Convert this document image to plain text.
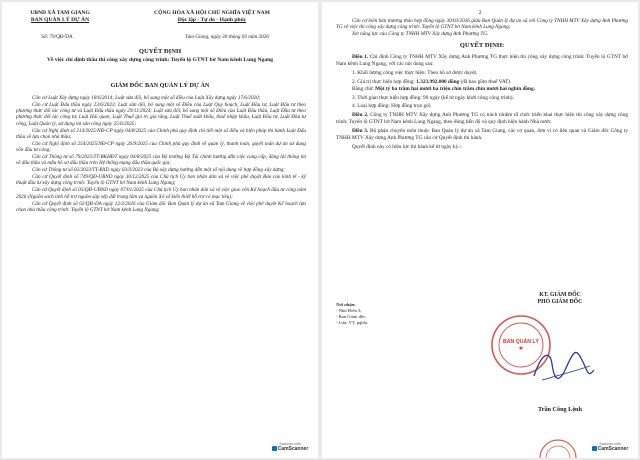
UBND XÃ TAM GIANG
BAN QUẢN LÝ DỰ ÁN
CỘNG HÒA XÃ HỘI CHỦ NGHĨA VIỆT NAM
Độc lập - Tự do - Hạnh phúc
Số: 79/QĐ-DA	Tam Giang, ngày 30 tháng 03 năm 2026
QUYẾT ĐỊNH
Về việc chỉ định thầu thi công xây dựng công trình: Tuyến lộ GTNT bờ Nam kênh Lung Ngang
GIÁM ĐỐC BAN QUẢN LÝ DỰ ÁN

Căn cứ Luật Xây dựng ngày 18/6/2014; Luật sửa đổi, bổ sung một số điều của Luật Xây dựng ngày 17/6/2020;

Căn cứ Luật Đấu thầu ngày 23/6/2023; Luật sửa đổi, bổ sung một số Điều của Luật Quy hoạch, Luật Đầu tư, Luật Đầu tư theo phương thức đối tác công tư và Luật Đấu thầu ngày 29/11/2024; Luật sửa đổi, bổ sung một số Điều của Luật Đầu thầu, Luật Đầu tư theo phương thức đối tác công tư, Luật Hải quan, Luật Thuế giá trị gia tăng, Luật Thuế xuất khẩu, thuế nhập khẩu, Luật Đầu tư, Luật Đầu tư công, Luật Quản lý, sử dụng tài sản công ngày 25/6/2025;

Căn cứ Nghị định số 214/2025/NĐ-CP ngày 04/8/2025 của Chính phủ quy định chi tiết một số điều và biện pháp thi hành Luật Đấu thầu về lựa chọn nhà thầu;

Căn cứ Nghị định số 254/2025/NĐ-CP ngày 26/9/2025 của Chính phủ quy định về quản lý, thanh toán, quyết toán dự án sử dụng vốn đầu tư công;

Căn cứ Thông tư số 79/2025/TT-BKHĐT ngày 04/8/2025 của Bộ trưởng Bộ Tài chính hướng dẫn việc cung cấp, đăng tải thông tin về đấu thầu và mẫu hồ sơ đấu thầu trên Hệ thống mạng đấu thầu quốc gia;

Căn cứ Thông tư số 02/2023/TT-BXD ngày 03/3/2023 của Bộ xây dựng hướng dẫn một số nội dung về hợp đồng xây dựng;

Căn cứ Quyết định số 749/QĐ-UBND ngày 30/12/2025 của Chủ tịch Ủy ban nhân dân xã về việc phê duyệt Báo cáo kinh tế - kỹ thuật đầu tư xây dựng công trình: Tuyến lộ GTNT bờ Nam kênh Lung Ngang;

Căn cứ Quyết định số 05/QĐ-UBND ngày 07/01/2025 của Chủ tịch Ủy ban nhân dân xã về việc giao vốn Kế hoạch đầu tư công năm 2026 (Nguồn sách tỉnh hỗ trợ nguồn sắp xếp đất trung tâm và nguồn Xổ số kiến thiết hỗ trợ có mục tiêu);

Căn cứ Quyết định số 62/QĐ-DA ngày 12/3/2026 của Giám đốc Ban Quản lý dự án xã Tam Giang về việc phê duyệt Kế hoạch lựa chọn nhà thầu công trình: Tuyến lộ GTNT bờ Nam kênh Lung Ngang;

Scanned with
CamScanner
2

Căn cứ biên bản thương thảo hợp đồng ngày 30/03/2026 giữa Ban Quản lý dự án xã với Công ty TNHH MTV Xây dựng Anh Phương TG về việc thi công xây dựng công trình: Tuyến lộ GTNT bờ Nam kênh Lung Ngang;

Xét năng lực của Công ty TNHH MTV Xây dựng Anh Phương TG.

QUYẾT ĐỊNH:

Điều 1. Chỉ định Công ty TNHH MTV Xây dựng Anh Phương TG thực hiện thi công xây dựng công trình: Tuyến lộ GTNT bờ Nam kênh Lung Ngang, với các nội dung sau:

1. Khối lượng công việc thực hiện: Theo hồ sơ được duyệt.

2. Giá trị thực hiện hợp đồng: 1.323.992.000 đồng (đã bao gồm thuế VAT).

Bằng chữ: Một tỷ ba trăm hai mươi ba triệu chín trăm chín mươi hai nghìn đồng.

3. Thời gian thực hiện hợp đồng: 90 ngày (kể từ ngày khởi công công trình).

4. Loại hợp đồng: Hợp đồng trọn gói.

Điều 2. Công ty TNHH MTV Xây dựng Anh Phương TG có trách nhiệm tổ chức triển khai thực hiện thi công xây dựng công trình: Tuyến lộ GTNT bờ Nam kênh Lung Ngang, theo đúng tiến độ và quy định hiện hành Nhà nước.

Điều 3. Bộ phận chuyên môn thuộc Ban Quản lý dự án xã Tam Giang, các cơ quan, đơn vị có liên quan và Giám đốc Công ty TNHH MTV Xây dựng Anh Phương TG căn cứ Quyết định thi hành.

Quyết định này có hiệu lực thi hành kể từ ngày ký./.

Nơi nhận:
- Như Điều 3;
- Ban Giám đốc;
- Lưu: VT, pqlda.
KT. GIÁM ĐỐC
PHÓ GIÁM ĐỐC
BAN QUẢN LÝ
★
Trần Công Lệnh
Scanned with
CamScanner
